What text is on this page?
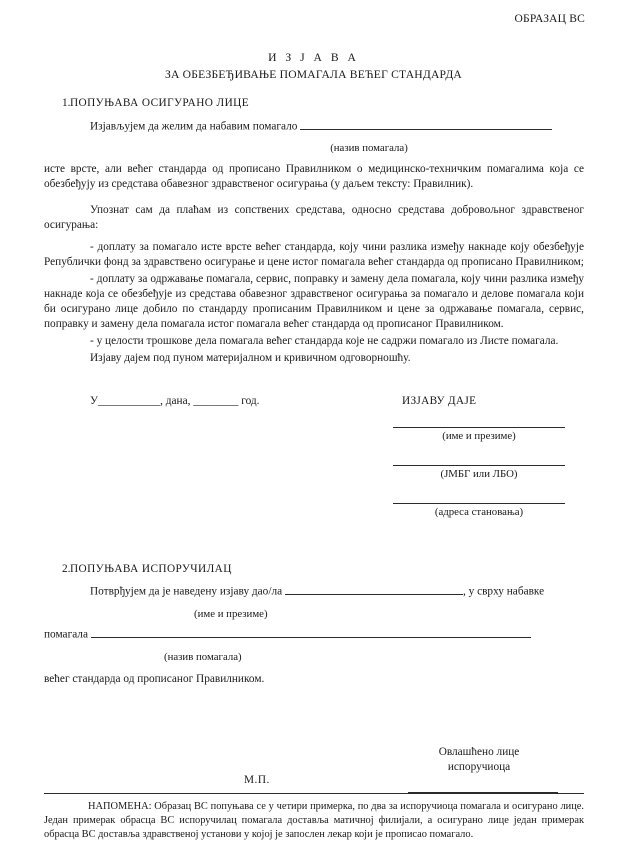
ОБРАЗАЦ ВС
И З Ј А В А
ЗА ОБЕЗБЕЂИВАЊE ПОМАГАЛА ВЕЋЕГ СТАНДАРДА
1. ПОПУЊАВА ОСИГУРАНО ЛИЦЕ

Изјављујем да желим да набавим помагало

(назив помагала)

исте врсте, али већег стандарда од прописано Правилником о медицинско-техничким помагалима која се обезбеђују из средстава обавезног здравственог осигурања (у даљем тексту: Правилник).

Упознат сам да плаћам из сопствених средстава, односно средстава добровољног здравственог осигурања:

- доплату за помагало исте врсте већег стандарда, коју чини разлика између накнаде коју обезбеђује Републички фонд за здравствено осигурање и цене истог помагала већег стандарда од прописано Правилником;

- доплату за одржавање помагала, сервис, поправку и замену дела помагала, коју чини разлика између накнаде која се обезбеђује из средстава обавезног здравственог осигурања за помагало и делове помагала који би осигурано лице добило по стандарду прописаним Правилником и цене за одржавање помагала, сервис, поправку и замену дела помагала истог помагала већег стандарда од прописаног Правилником.

- у целости трошкове дела помагала већег стандарда које не садржи помагало из Листе помагала.

Изјаву дајем под пуном материјалном и кривичном одговорношћу.

У___________, дана, ________ год.	ИЗЈАВУ ДАЈЕ
(име и презиме)
(ЈМБГ или ЛБО)
(адреса становања)
2. ПОПУЊАВА ИСПОРУЧИЛАЦ

Потврђујем да је наведену изјаву дао/ла	, у сврху набавке

(име и презиме)

помагала

(назив помагала)

већег стандарда од прописаног Правилником.

М.П.
Овлашћено лице
испоручиоца
НАПОМЕНА: Образац ВС попуњава се у четири примерка, по два за испоручиоца помагала и осигурано лице. Један примерак обрасца ВС испоручилац помагала доставља матичној филијали, а осигурано лице један примерак обрасца ВС доставља здравственој установи у којој је запослен лекар који је прописао помагало.
